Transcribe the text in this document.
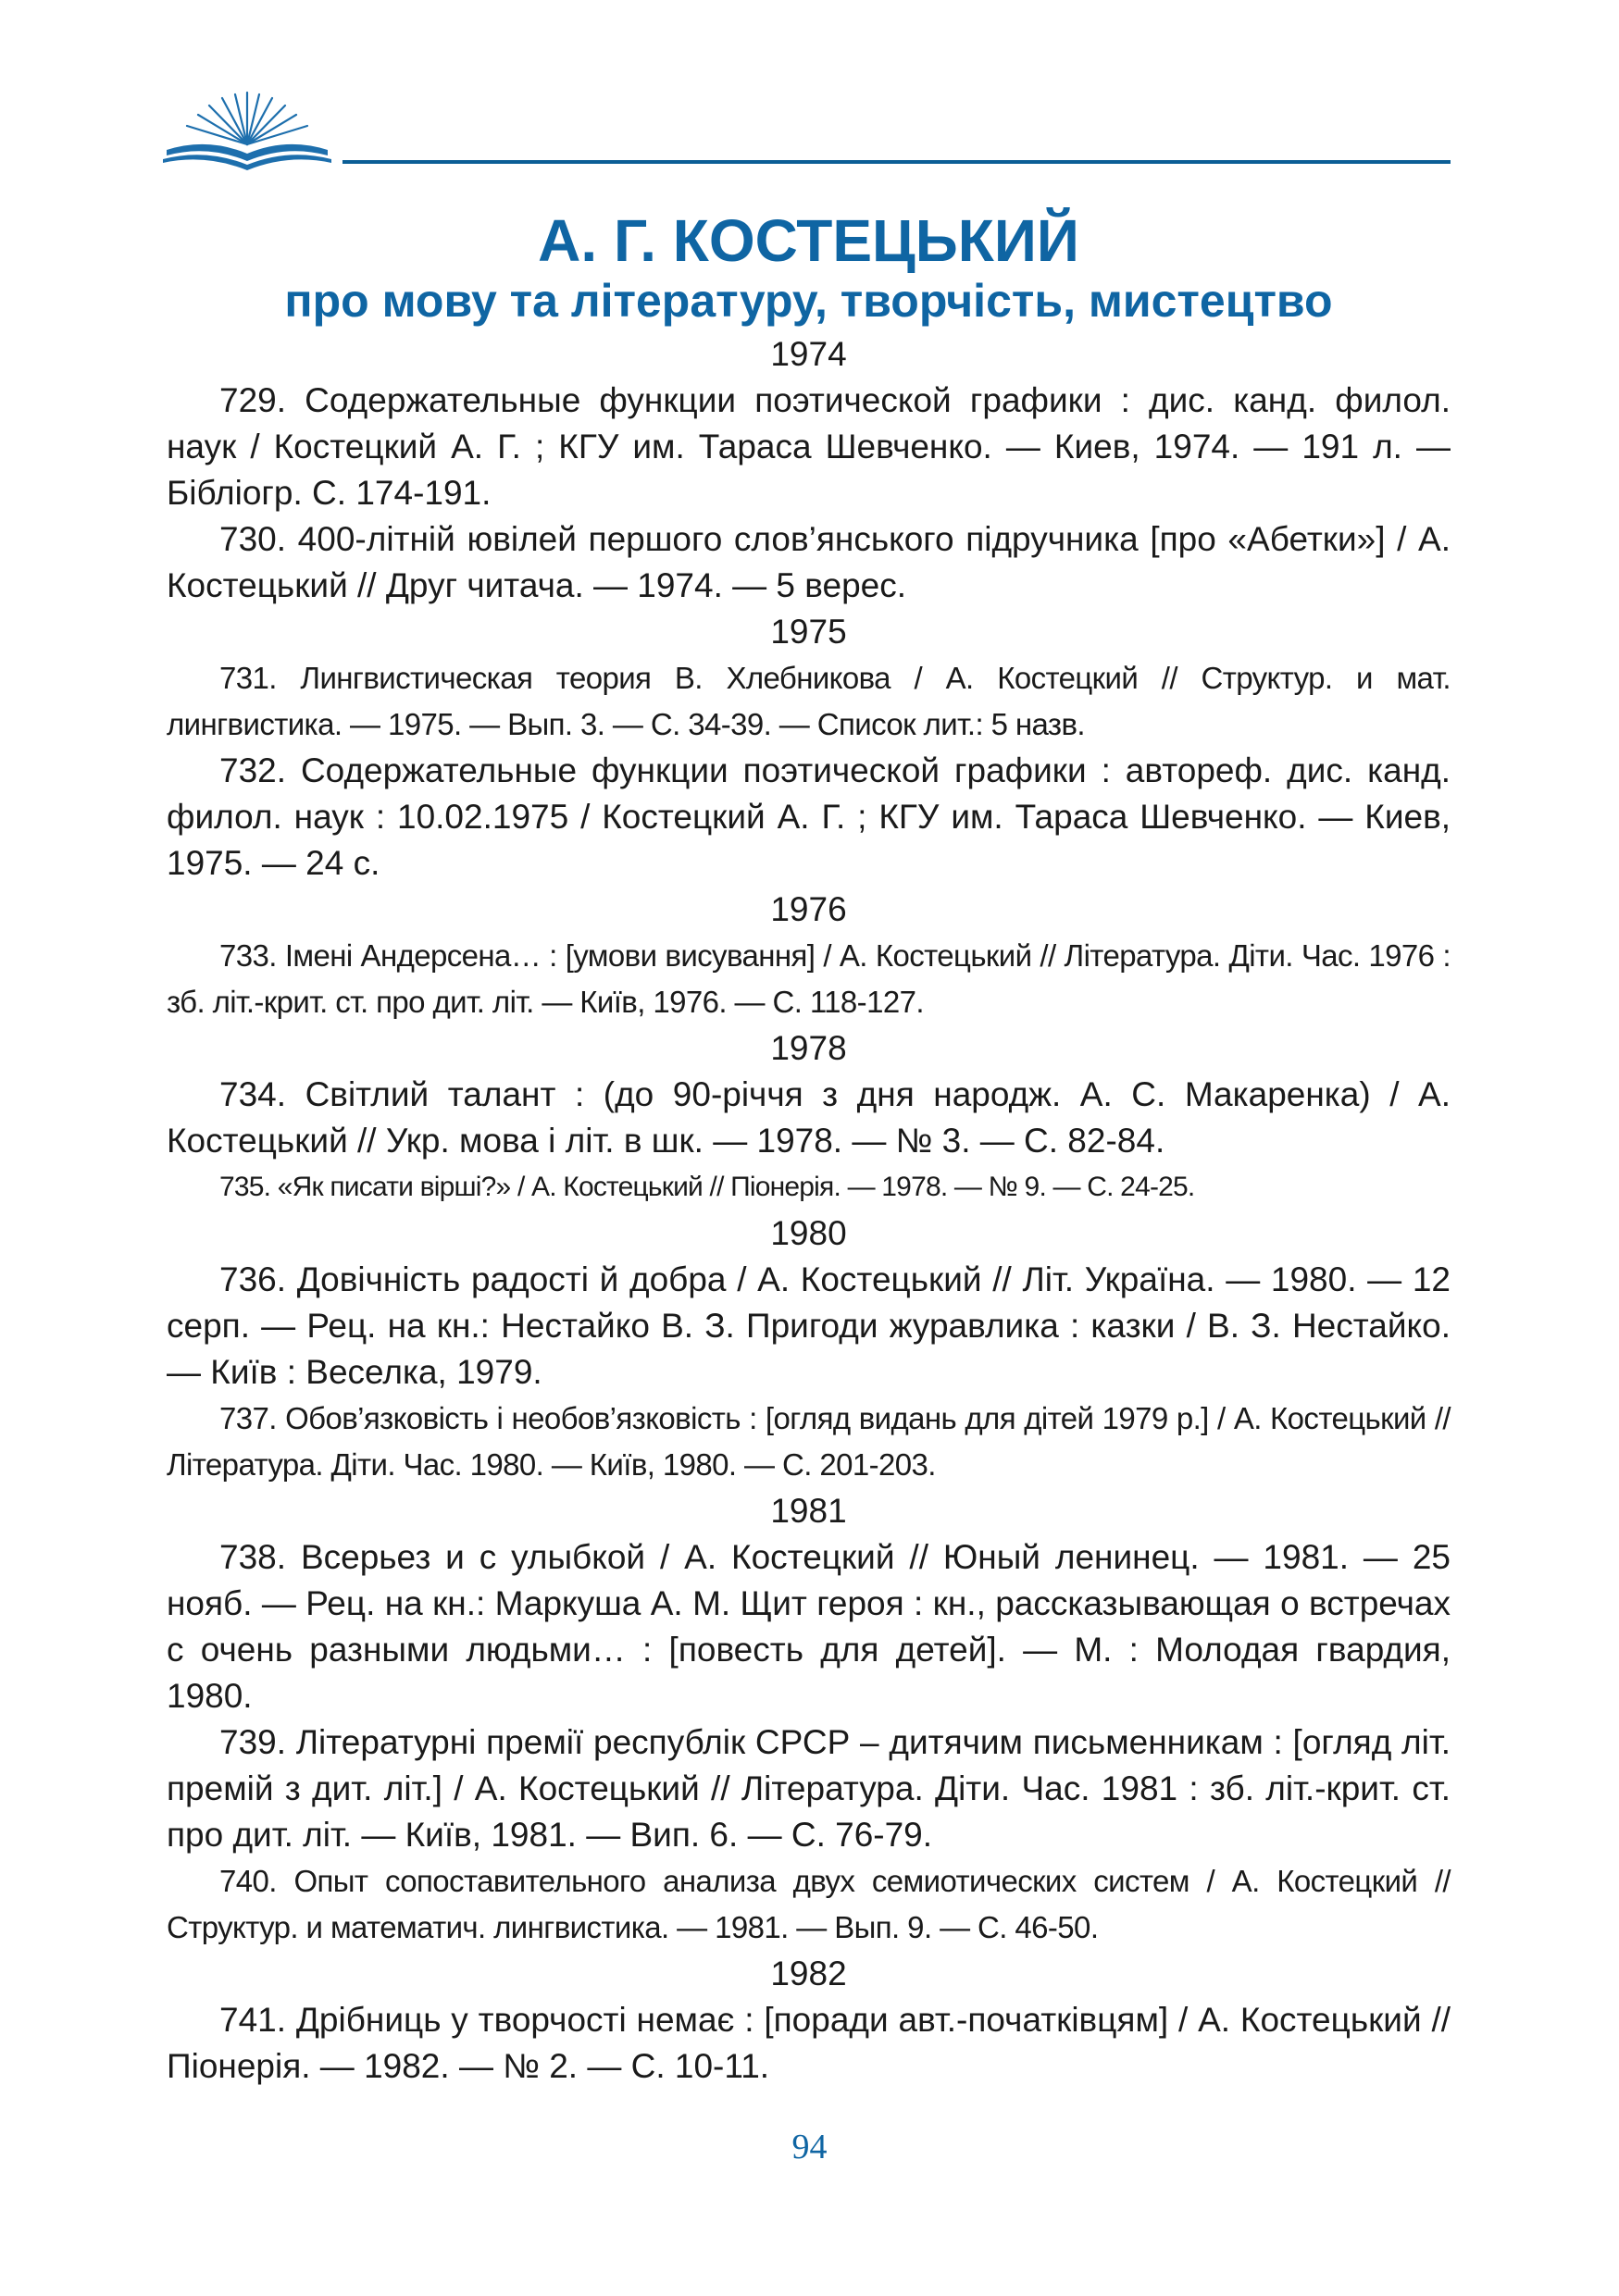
А. Г. КОСТЕЦЬКИЙ
про мову та літературу, творчість, мистецтво

1974

729. Содержательные функции поэтической графики : дис. канд. филол. наук / Костецкий А. Г. ; КГУ им. Тараса Шевченко. — Киев, 1974. — 191 л. — Бібліогр. С. 174-191.

730. 400-літній ювілей першого слов’янського підручника [про «Абетки»] / А. Костецький // Друг читача. — 1974. — 5 верес.

1975

731. Лингвистическая теория В. Хлебникова / А. Костецкий // Структур. и мат. лингвистика. — 1975. — Вып. 3. — С. 34-39. — Список лит.: 5 назв.

732. Содержательные функции поэтической графики : автореф. дис. канд. филол. наук : 10.02.1975 / Костецкий А. Г. ; КГУ им. Тараса Шевченко. — Киев, 1975. — 24 с.

1976

733. Імені Андерсена… : [умови висування] / А. Костецький // Література. Діти. Час. 1976 : зб. літ.-крит. ст. про дит. літ. — Київ, 1976. — С. 118-127.

1978

734. Світлий талант : (до 90-річчя з дня народж. А. С. Макаренка) / А. Костецький // Укр. мова і літ. в шк. — 1978. — № 3. — С. 82-84.

735. «Як писати вірші?» / А. Костецький // Піонерія. — 1978. — № 9. — С. 24-25.

1980

736. Довічність радості й добра / А. Костецький // Літ. Україна. — 1980. — 12 серп. — Рец. на кн.: Нестайко В. З. Пригоди журавлика : казки / В. З. Нестайко. — Київ : Веселка, 1979.

737. Обов’язковість і необов’язковість : [огляд видань для дітей 1979 р.] / А. Костецький // Література. Діти. Час. 1980. — Київ, 1980. — С. 201-203.

1981

738. Всерьез и с улыбкой / А. Костецкий // Юный ленинец. — 1981. — 25 нояб. — Рец. на кн.: Маркуша А. М. Щит героя : кн., рассказывающая о встречах с очень разными людьми… : [повесть для детей]. — М. : Молодая гвардия, 1980.

739. Літературні премії республік СРСР – дитячим письменникам : [огляд літ. премій з дит. літ.] / А. Костецький // Література. Діти. Час. 1981 : зб. літ.-крит. ст. про дит. літ. — Київ, 1981. — Вип. 6. — С. 76-79.

740. Опыт сопоставительного анализа двух семиотических систем / А. Костецкий // Структур. и математич. лингвистика. — 1981. — Вып. 9. — С. 46-50.

1982

741. Дрібниць у творчості немає : [поради авт.-початківцям] / А. Костецький // Піонерія. — 1982. — № 2. — С. 10-11.

94
